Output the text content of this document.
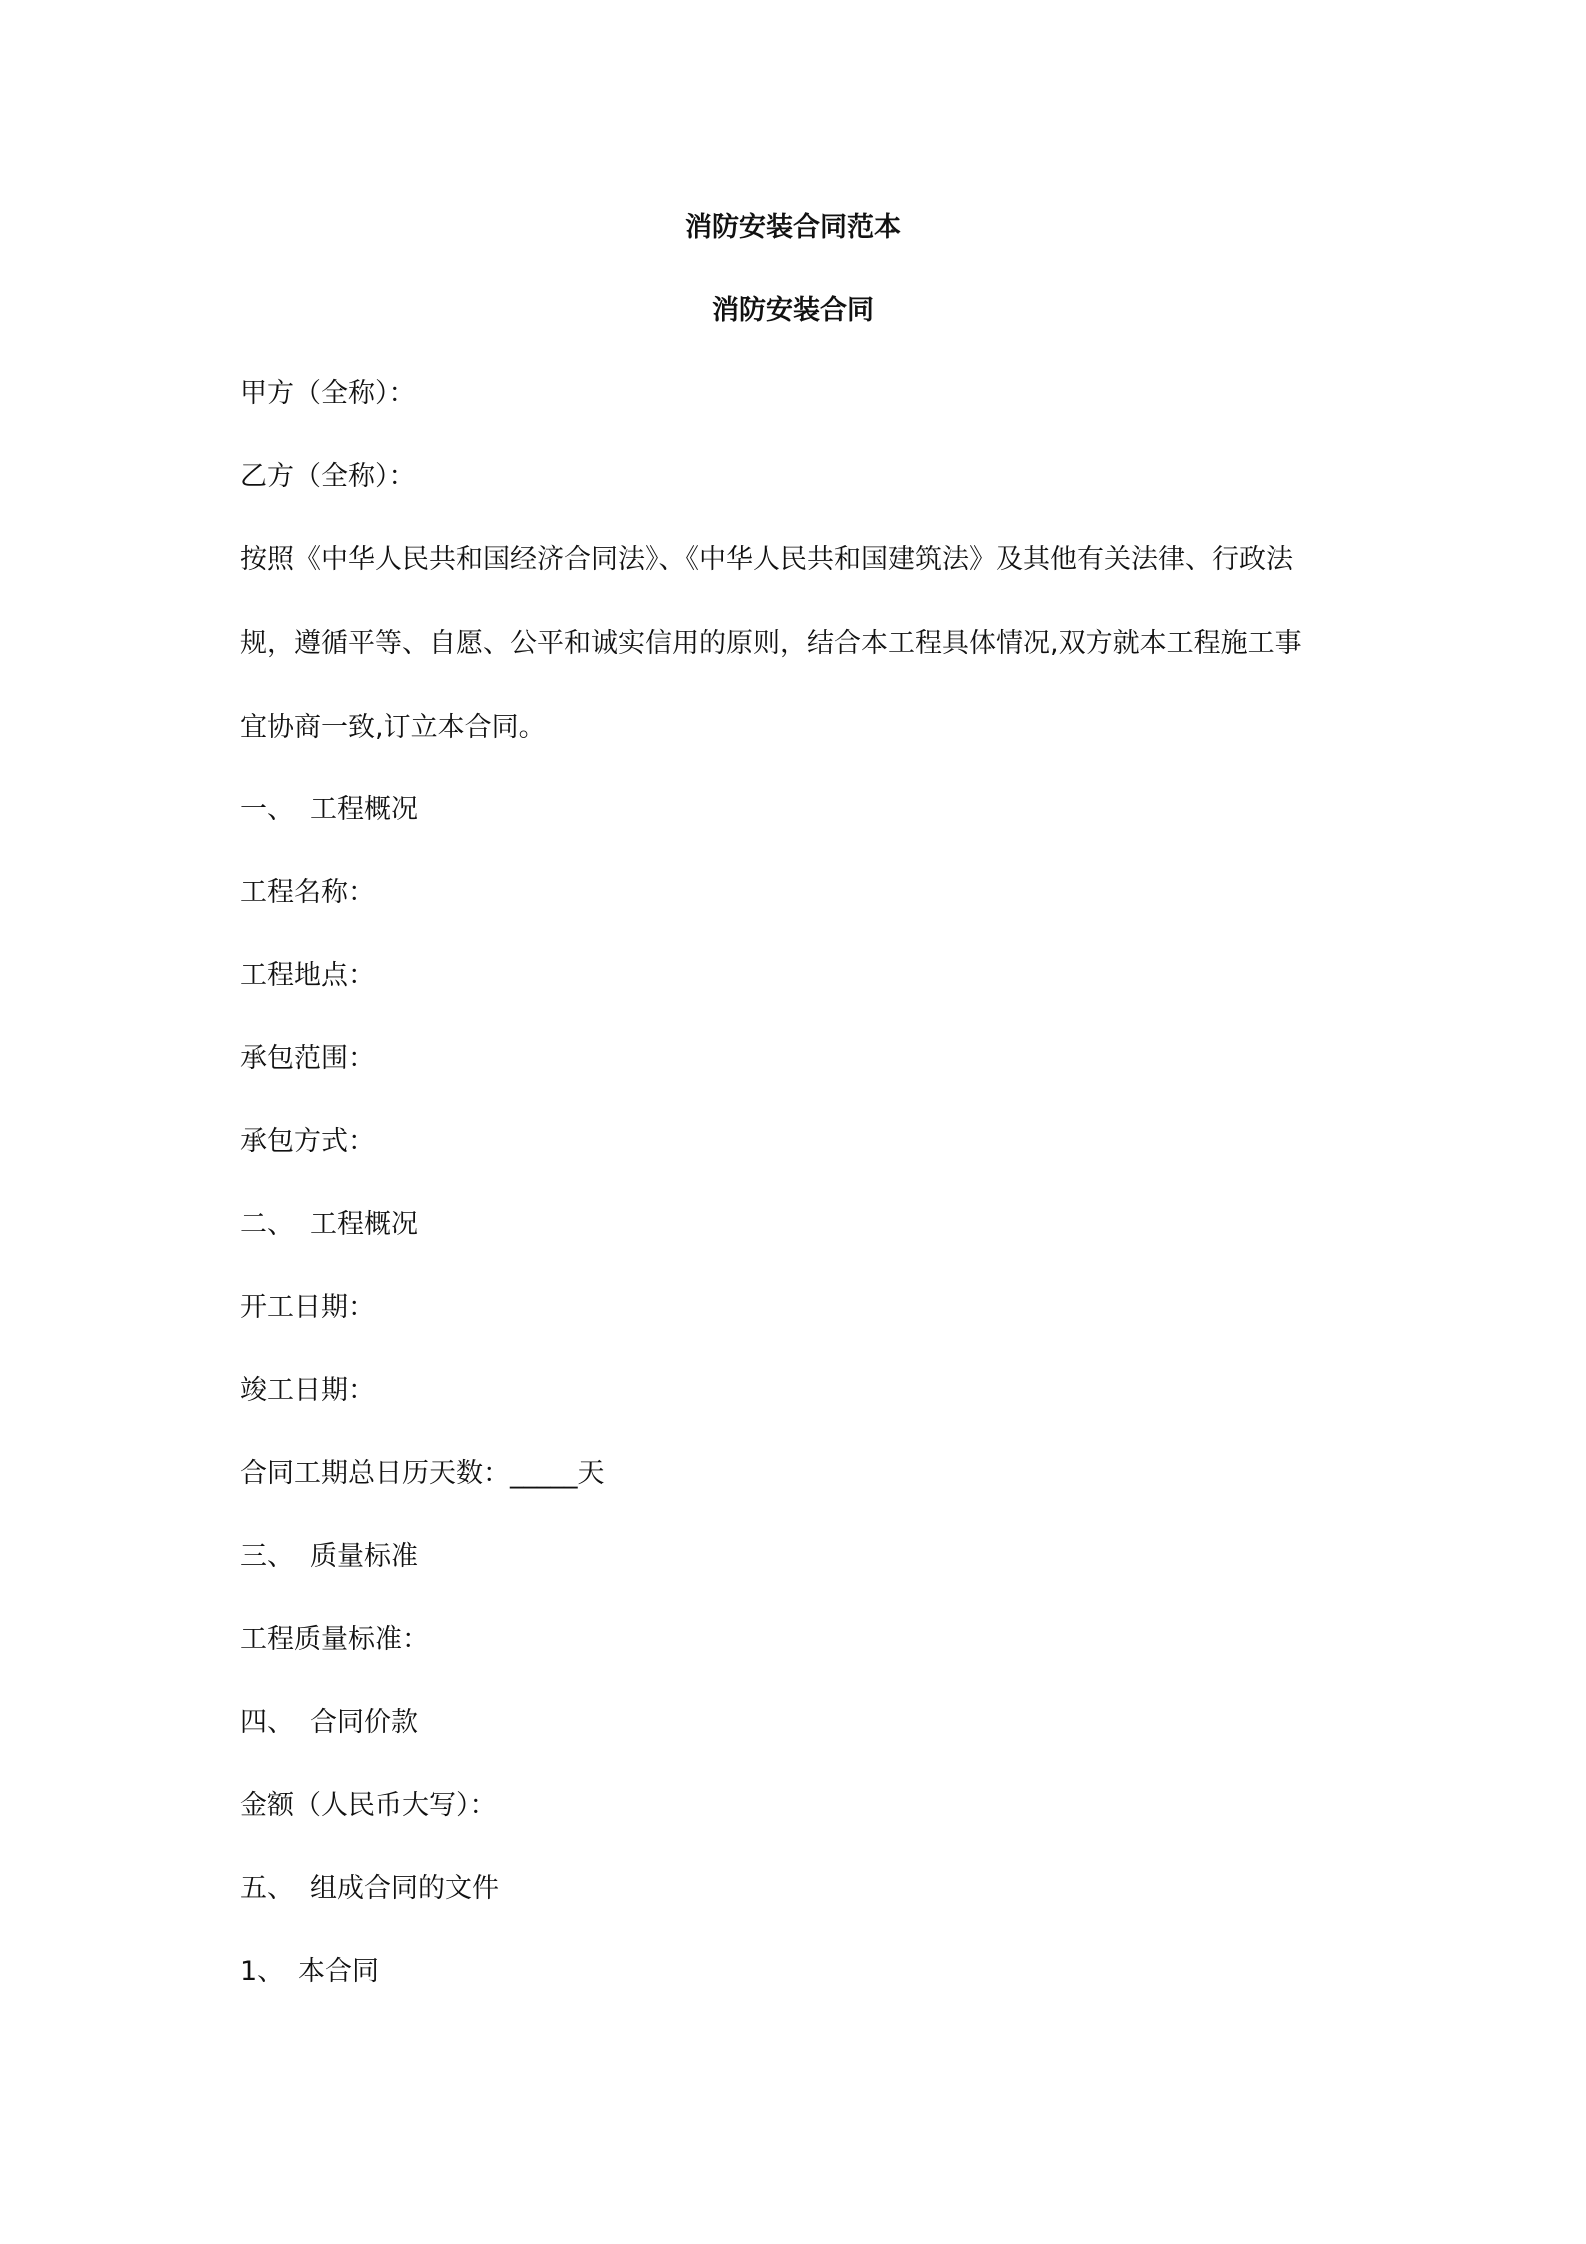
消防安装合同范本
消防安装合同
甲方（全称）：
乙方（全称）：
按照《中华人民共和国经济合同法》、《中华人民共和国建筑法》及其他有关法律、行政法
规，遵循平等、自愿、公平和诚实信用的原则，结合本工程具体情况,双方就本工程施工事
宜协商一致,订立本合同。
一、 工程概况
工程名称：
工程地点：
承包范围：
承包方式：
二、 工程概况
开工日期：
竣工日期：
合同工期总日历天数：_____天
三、 质量标准
工程质量标准：
四、 合同价款
金额（人民币大写）：
五、 组成合同的文件
1、 本合同
